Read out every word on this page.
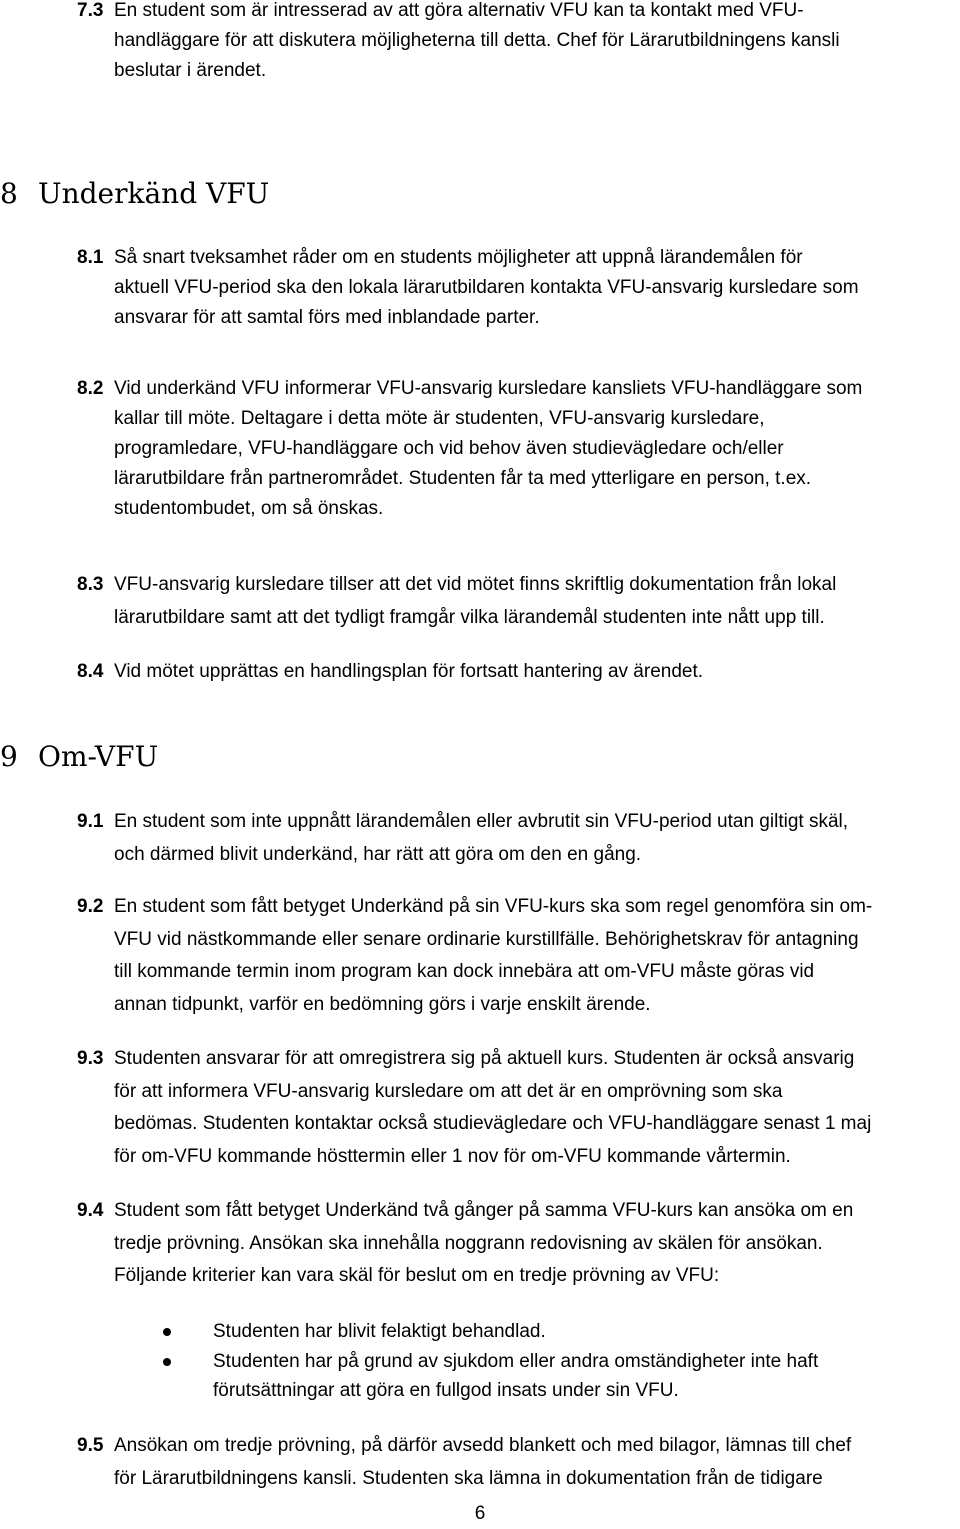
7.3 En student som är intresserad av att göra alternativ VFU kan ta kontakt med VFU-
handläggare för att diskutera möjligheterna till detta. Chef för Lärarutbildningens kansli
beslutar i ärendet.
8 Underkänd VFU
8.1 Så snart tveksamhet råder om en students möjligheter att uppnå lärandemålen för
aktuell VFU-period ska den lokala lärarutbildaren kontakta VFU-ansvarig kursledare som
ansvarar för att samtal förs med inblandade parter.
8.2 Vid underkänd VFU informerar VFU-ansvarig kursledare kansliets VFU-handläggare som
kallar till möte. Deltagare i detta möte är studenten, VFU-ansvarig kursledare,
programledare, VFU-handläggare och vid behov även studievägledare och/eller
lärarutbildare från partnerområdet. Studenten får ta med ytterligare en person, t.ex.
studentombudet, om så önskas.
8.3 VFU-ansvarig kursledare tillser att det vid mötet finns skriftlig dokumentation från lokal
lärarutbildare samt att det tydligt framgår vilka lärandemål studenten inte nått upp till.
8.4 Vid mötet upprättas en handlingsplan för fortsatt hantering av ärendet.
9 Om-VFU
9.1 En student som inte uppnått lärandemålen eller avbrutit sin VFU-period utan giltigt skäl,
och därmed blivit underkänd, har rätt att göra om den en gång.
9.2 En student som fått betyget Underkänd på sin VFU-kurs ska som regel genomföra sin om-
VFU vid nästkommande eller senare ordinarie kurstillfälle. Behörighetskrav för antagning
till kommande termin inom program kan dock innebära att om-VFU måste göras vid
annan tidpunkt, varför en bedömning görs i varje enskilt ärende.
9.3 Studenten ansvarar för att omregistrera sig på aktuell kurs. Studenten är också ansvarig
för att informera VFU-ansvarig kursledare om att det är en omprövning som ska
bedömas. Studenten kontaktar också studievägledare och VFU-handläggare senast 1 maj
för om-VFU kommande hösttermin eller 1 nov för om-VFU kommande vårtermin.
9.4 Student som fått betyget Underkänd två gånger på samma VFU-kurs kan ansöka om en
tredje prövning. Ansökan ska innehålla noggrann redovisning av skälen för ansökan.
Följande kriterier kan vara skäl för beslut om en tredje prövning av VFU:
Studenten har blivit felaktigt behandlad.
Studenten har på grund av sjukdom eller andra omständigheter inte haft
förutsättningar att göra en fullgod insats under sin VFU.
9.5 Ansökan om tredje prövning, på därför avsedd blankett och med bilagor, lämnas till chef
för Lärarutbildningens kansli. Studenten ska lämna in dokumentation från de tidigare
6
